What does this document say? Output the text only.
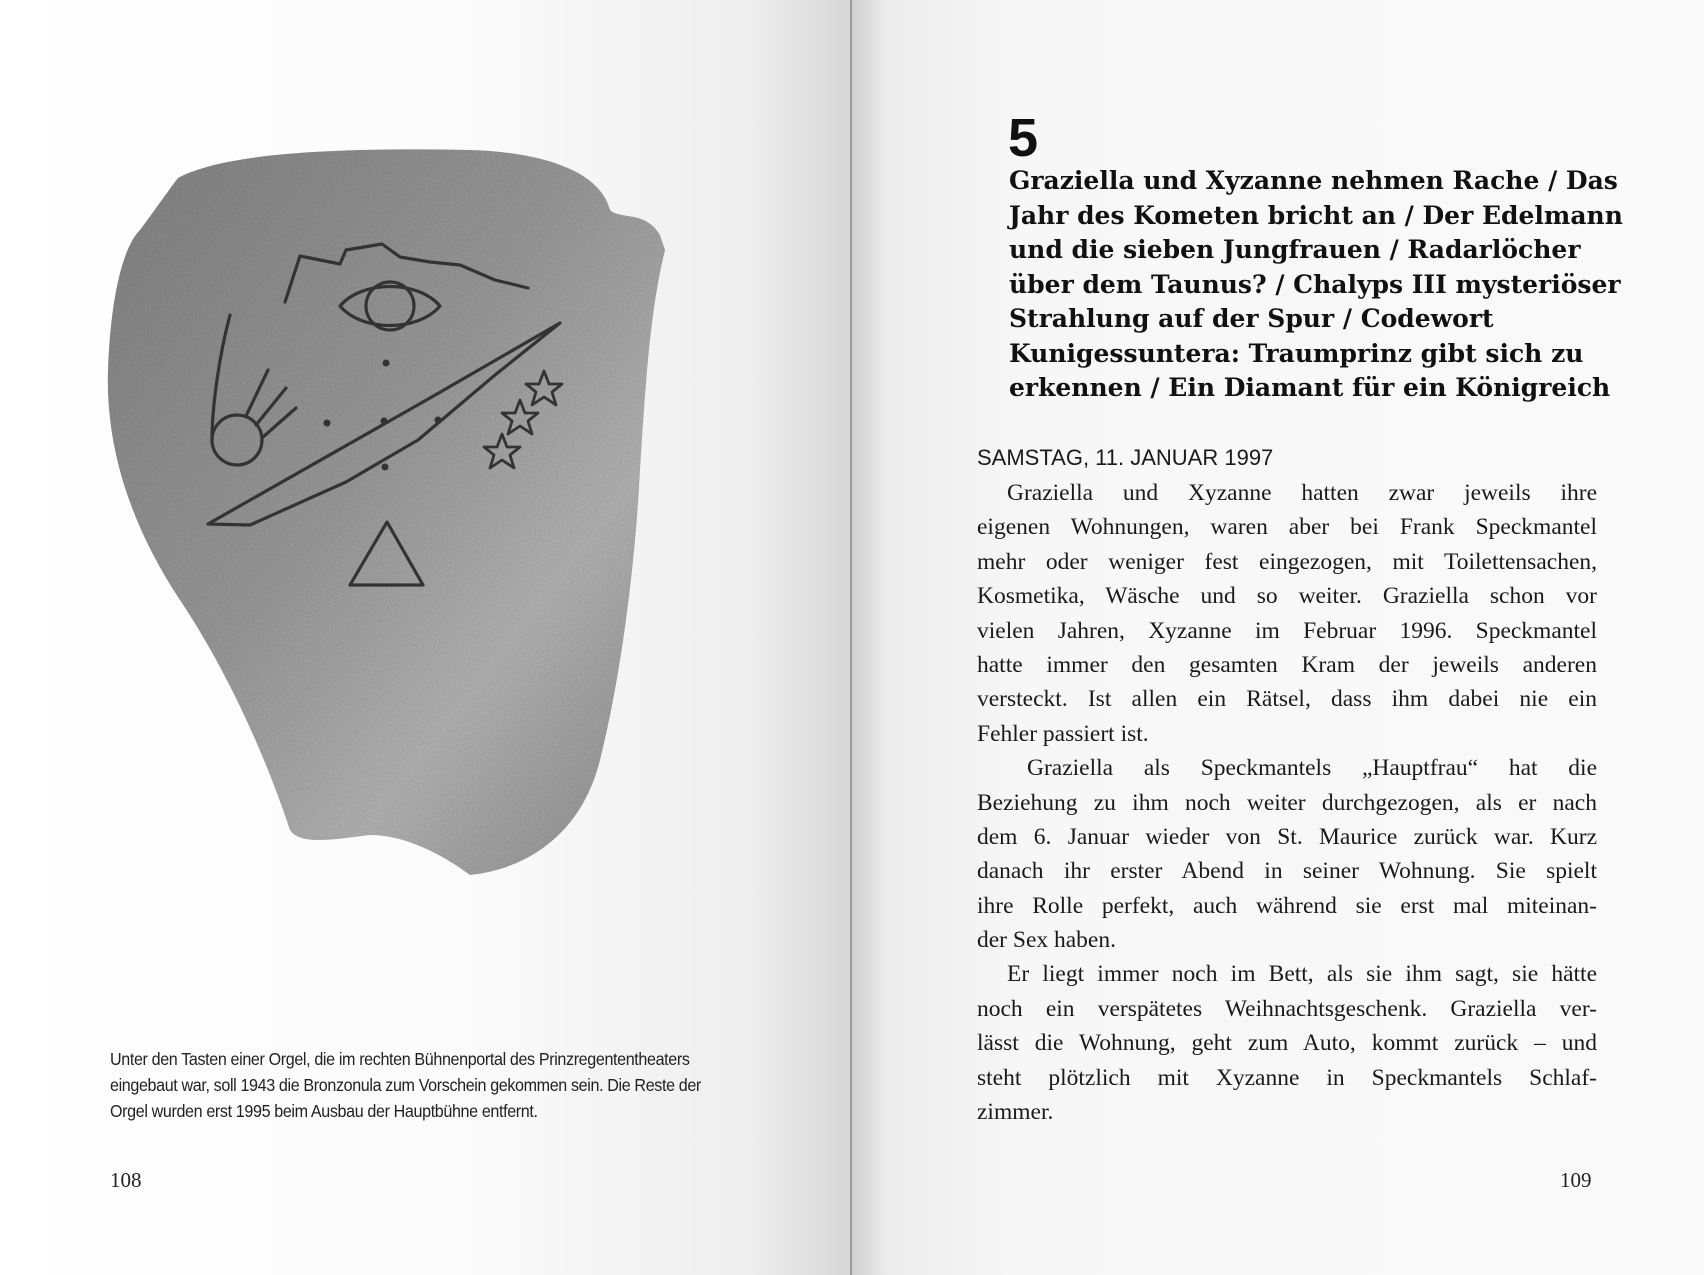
Unter den Tasten einer Orgel, die im rechten Bühnenportal des Prinzregententheaters
eingebaut war, soll 1943 die Bronzonula zum Vorschein gekommen sein. Die Reste der
Orgel wurden erst 1995 beim Ausbau der Hauptbühne entfernt.
108
5
Graziella und Xyzanne nehmen Rache / Das
Jahr des Kometen bricht an / Der Edelmann
und die sieben Jungfrauen / Radarlöcher
über dem Taunus? / Chalyps III mysteriöser
Strahlung auf der Spur / Codewort
Kunigessuntera: Traumprinz gibt sich zu
erkennen / Ein Diamant für ein Königreich
SAMSTAG, 11. JANUAR 1997
Graziella und Xyzanne hatten zwar jeweils ihre
eigenen Wohnungen, waren aber bei Frank Speckmantel
mehr oder weniger fest eingezogen, mit Toilettensachen,
Kosmetika, Wäsche und so weiter. Graziella schon vor
vielen Jahren, Xyzanne im Februar 1996. Speckmantel
hatte immer den gesamten Kram der jeweils anderen
versteckt. Ist allen ein Rätsel, dass ihm dabei nie ein
Fehler passiert ist.
Graziella als Speckmantels „Hauptfrau“ hat die
Beziehung zu ihm noch weiter durchgezogen, als er nach
dem 6. Januar wieder von St. Maurice zurück war. Kurz
danach ihr erster Abend in seiner Wohnung. Sie spielt
ihre Rolle perfekt, auch während sie erst mal miteinan-
der Sex haben.
Er liegt immer noch im Bett, als sie ihm sagt, sie hätte
noch ein verspätetes Weihnachtsgeschenk. Graziella ver-
lässt die Wohnung, geht zum Auto, kommt zurück – und
steht plötzlich mit Xyzanne in Speckmantels Schlaf-
zimmer.
109
